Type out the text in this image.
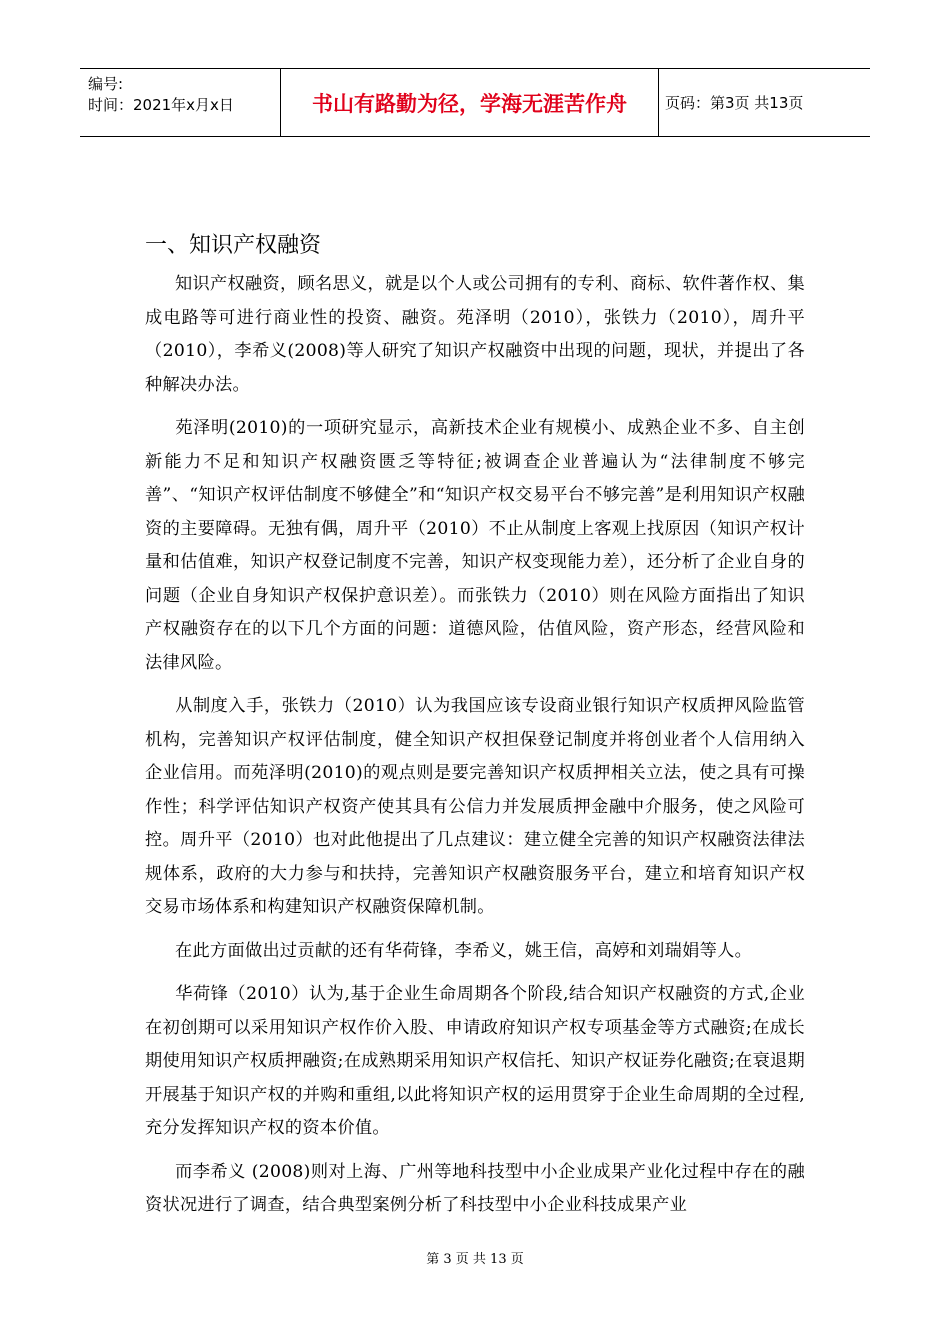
编号:
时间：2021年x月x日	书山有路勤为径，学海无涯苦作舟	页码：第3页 共13页
一、知识产权融资

知识产权融资，顾名思义，就是以个人或公司拥有的专利、商标、软件著作权、集成电路等可进行商业性的投资、融资。苑泽明（2010），张铁力（2010），周升平（2010），李希义(2008)等人研究了知识产权融资中出现的问题，现状，并提出了各种解决办法。

苑泽明(2010)的一项研究显示，高新技术企业有规模小、成熟企业不多、自主创新能力不足和知识产权融资匮乏等特征;被调查企业普遍认为“法律制度不够完善”、“知识产权评估制度不够健全”和“知识产权交易平台不够完善”是利用知识产权融资的主要障碍。无独有偶，周升平（2010）不止从制度上客观上找原因（知识产权计量和估值难，知识产权登记制度不完善，知识产权变现能力差），还分析了企业自身的问题（企业自身知识产权保护意识差）。而张铁力（2010）则在风险方面指出了知识产权融资存在的以下几个方面的问题：道德风险，估值风险，资产形态，经营风险和法律风险。

从制度入手，张铁力（2010）认为我国应该专设商业银行知识产权质押风险监管机构，完善知识产权评估制度，健全知识产权担保登记制度并将创业者个人信用纳入企业信用。而苑泽明(2010)的观点则是要完善知识产权质押相关立法，使之具有可操作性；科学评估知识产权资产使其具有公信力并发展质押金融中介服务，使之风险可控。周升平（2010）也对此他提出了几点建议：建立健全完善的知识产权融资法律法规体系，政府的大力参与和扶持，完善知识产权融资服务平台，建立和培育知识产权交易市场体系和构建知识产权融资保障机制。

在此方面做出过贡献的还有华荷锋，李希义，姚王信，高婷和刘瑞娟等人。

华荷锋（2010）认为,基于企业生命周期各个阶段,结合知识产权融资的方式,企业在初创期可以采用知识产权作价入股、申请政府知识产权专项基金等方式融资;在成长期使用知识产权质押融资;在成熟期采用知识产权信托、知识产权证券化融资;在衰退期开展基于知识产权的并购和重组,以此将知识产权的运用贯穿于企业生命周期的全过程,充分发挥知识产权的资本价值。

而李希义 (2008)则对上海、广州等地科技型中小企业成果产业化过程中存在的融资状况进行了调查，结合典型案例分析了科技型中小企业科技成果产业

第 3 页 共 13 页
